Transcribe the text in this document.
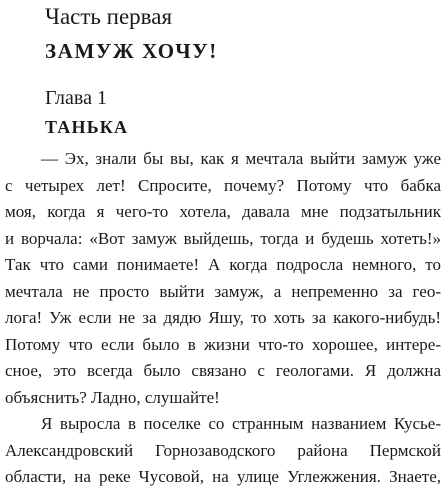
Часть первая
ЗАМУЖ ХОЧУ!
Глава 1
ТАНЬКА
— Эх, знали бы вы, как я мечтала выйти замуж уже
с четырех лет! Спросите, почему? Потому что бабка
моя, когда я чего-то хотела, давала мне подзатыльник
и ворчала: «Вот замуж выйдешь, тогда и будешь хотеть!»
Так что сами понимаете! А когда подросла немного, то
мечтала не просто выйти замуж, а непременно за гео-
лога! Уж если не за дядю Яшу, то хоть за какого-нибудь!
Потому что если было в жизни что-то хорошее, интере-
сное, это всегда было связано с геологами. Я должна
объяснить? Ладно, слушайте!
Я выросла в поселке со странным названием Кусье-
Александровский Горнозаводского района Пермской
области, на реке Чусовой, на улице Углежжения. Знаете,
